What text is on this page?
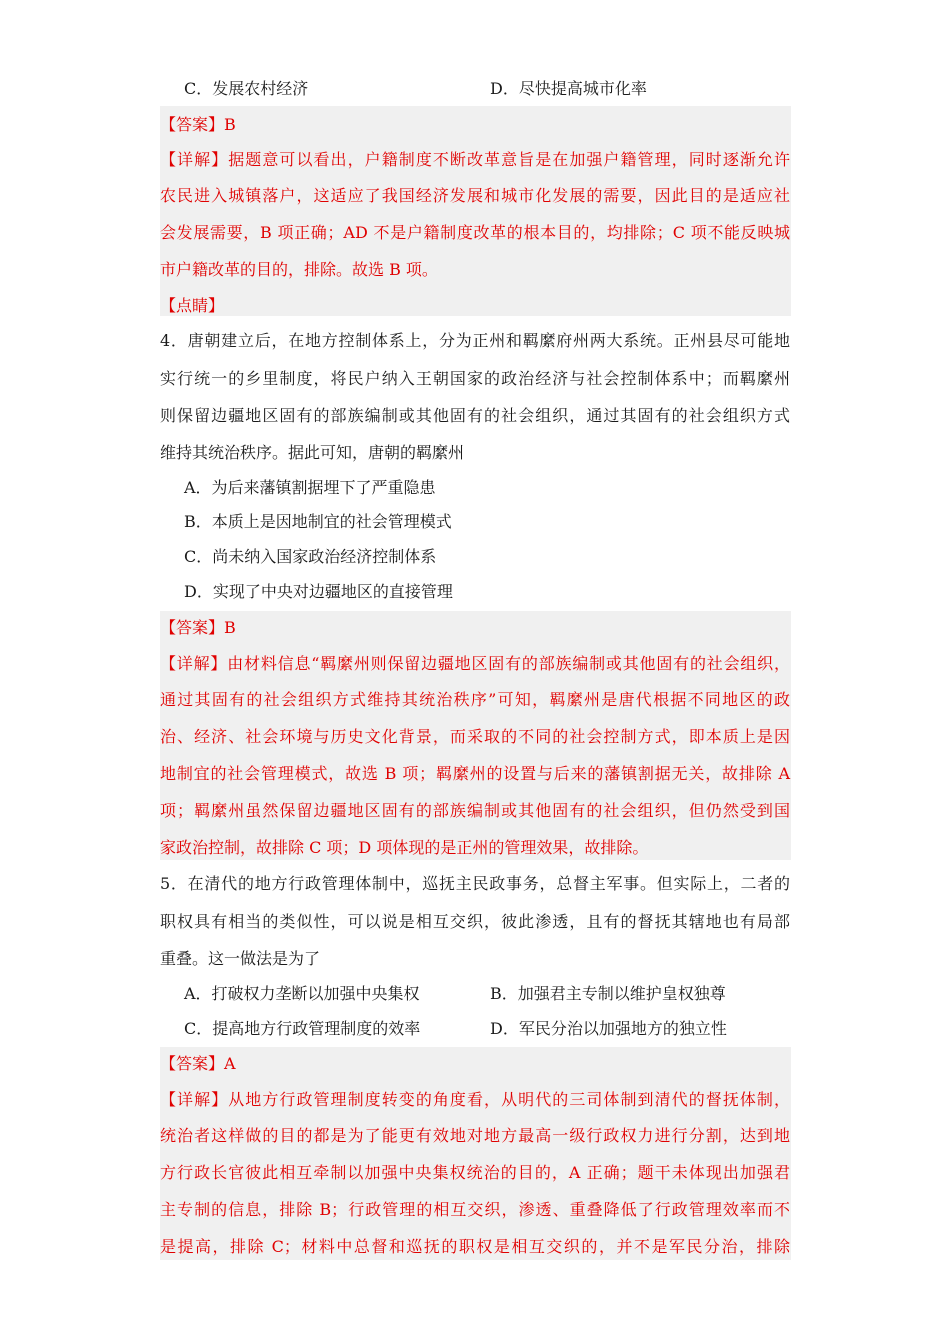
C．发展农村经济	D．尽快提高城市化率
【答案】B
【详解】据题意可以看出，户籍制度不断改革意旨是在加强户籍管理，同时逐渐允许
农民进入城镇落户，这适应了我国经济发展和城市化发展的需要，因此目的是适应社
会发展需要，B 项正确；AD 不是户籍制度改革的根本目的，均排除；C 项不能反映城
市户籍改革的目的，排除。故选 B 项。
【点睛】
4．唐朝建立后，在地方控制体系上，分为正州和羁縻府州两大系统。正州县尽可能地
实行统一的乡里制度，将民户纳入王朝国家的政治经济与社会控制体系中；而羁縻州
则保留边疆地区固有的部族编制或其他固有的社会组织，通过其固有的社会组织方式
维持其统治秩序。据此可知，唐朝的羁縻州
A．为后来藩镇割据埋下了严重隐患
B．本质上是因地制宜的社会管理模式
C．尚未纳入国家政治经济控制体系
D．实现了中央对边疆地区的直接管理
【答案】B
【详解】由材料信息“羁縻州则保留边疆地区固有的部族编制或其他固有的社会组织，
通过其固有的社会组织方式维持其统治秩序”可知，羁縻州是唐代根据不同地区的政
治、经济、社会环境与历史文化背景，而采取的不同的社会控制方式，即本质上是因
地制宜的社会管理模式，故选 B 项；羁縻州的设置与后来的藩镇割据无关，故排除 A
项；羁縻州虽然保留边疆地区固有的部族编制或其他固有的社会组织，但仍然受到国
家政治控制，故排除 C 项；D 项体现的是正州的管理效果，故排除。
5．在清代的地方行政管理体制中，巡抚主民政事务，总督主军事。但实际上，二者的
职权具有相当的类似性，可以说是相互交织，彼此渗透，且有的督抚其辖地也有局部
重叠。这一做法是为了
A．打破权力垄断以加强中央集权	B．加强君主专制以维护皇权独尊
C．提高地方行政管理制度的效率	D．军民分治以加强地方的独立性
【答案】A
【详解】从地方行政管理制度转变的角度看，从明代的三司体制到清代的督抚体制，
统治者这样做的目的都是为了能更有效地对地方最高一级行政权力进行分割，达到地
方行政长官彼此相互牵制以加强中央集权统治的目的，A 正确；题干未体现出加强君
主专制的信息，排除 B；行政管理的相互交织，渗透、重叠降低了行政管理效率而不
是提高，排除 C；材料中总督和巡抚的职权是相互交织的，并不是军民分治，排除
